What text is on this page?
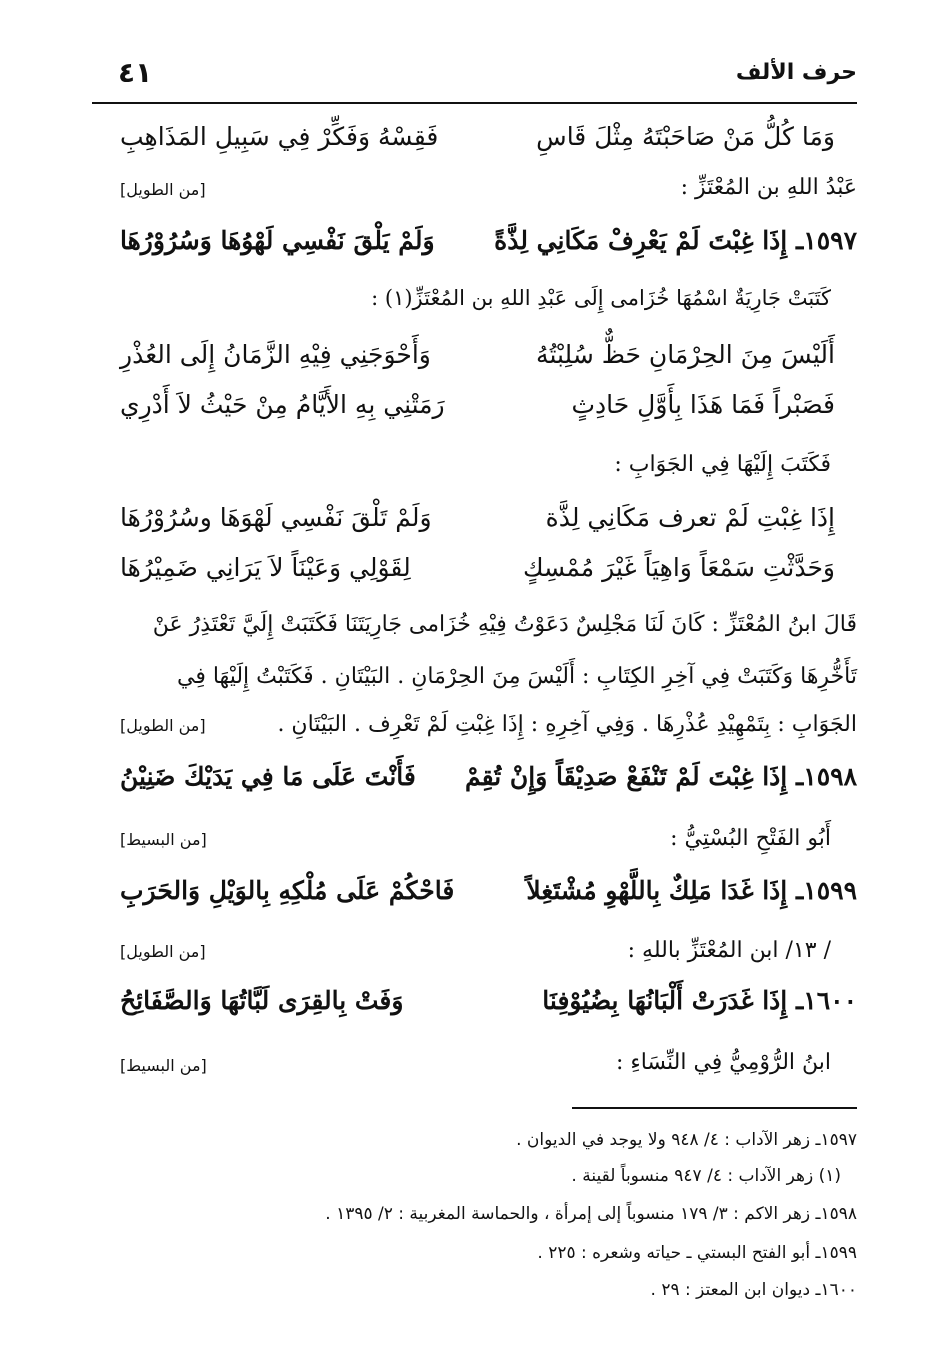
حرف الألف
٤١
وَمَا كُلُّ مَنْ صَاحَبْتَهُ مِثْلَ قَاسِ
فَقِسْهُ وَفَكِّرْ فِي سَبِيلِ المَذَاهِبِ
عَبْدُ اللهِ بن المُعْتَزِّ :
[من الطويل]
١٥٩٧ـ إِذَا غِبْتَ لَمْ يَعْرِفْ مَكَانِي لِذَّةً
وَلَمْ يَلْقَ نَفْسِي لَهْوُهَا وَسُرُوْرُهَا
كَتَبَتْ جَارِيَةٌ اسْمُهَا خُزَامى إِلَى عَبْدِ اللهِ بن المُعْتَزِّ(١) :
أَلَيْسَ مِنَ الحِرْمَانِ حَظٌّ سُلِبْتُهُ
وَأَحْوَجَنِي فِيْهِ الزَّمَانُ إِلَى العُذْرِ
فَصَبْراً فَمَا هَذَا بِأَوَّلِ حَادِثٍ
رَمَتْنِي بِهِ الأَيَّامُ مِنْ حَيْثُ لاَ أَدْرِي
فَكَتَبَ إِلَيْهَا فِي الجَوَابِ :
إِذَا غِبْتِ لَمْ تعرف مَكَانِي لِذَّة
وَلَمْ تَلْقَ نَفْسِي لَهْوَهَا وسُرُوْرُهَا
وَحَدَّثْتِ سَمْعَاً وَاهِيَاً غَيْرَ مُمْسِكٍ
لِقَوْلِي وَعَيْنَاً لاَ يَرَانِي ضَمِيْرُهَا
قَالَ ابنُ المُعْتَزِّ : كَانَ لَنَا مَجْلِسٌ دَعَوْتُ فِيْهِ خُزَامى جَارِيَتَنَا فَكَتَبَتْ إِلَيَّ تَعْتَذِرُ عَنْ
تَأَخُّرِهَا وَكَتَبَتْ فِي آخِرِ الكِتَابِ : أَلَيْسَ مِنَ الحِرْمَانِ . البَيْتَانِ . فَكَتَبْتُ إِلَيْهَا فِي
الجَوَابِ : بِتَمْهِيْدِ عُذْرِهَا . وَفِي آخِرِهِ : إِذَا غِبْتِ لَمْ تَعْرِف . البَيْتَانِ .
[من الطويل]
١٥٩٨ـ إِذَا غِبْتَ لَمْ تَنْفَعْ صَدِيْقَاً وَإِنْ تُقِمْ
فَأَنْتَ عَلَى مَا فِي يَدَيْكَ ضَنِيْنُ
أَبُو الفَتْحِ البُسْتِيُّ :
[من البسيط]
١٥٩٩ـ إِذَا غَدَا مَلِكٌ بِاللَّهْوِ مُشْتَغِلاً
فَاحْكُمْ عَلَى مُلْكِهِ بِالوَيْلِ وَالحَرَبِ
/ ١٣/ ابن المُعْتَزِّ باللهِ :
[من الطويل]
١٦٠٠ـ إِذَا غَدَرَتْ أَلْبَانُهَا بِضُيُوْفِنَا
وَفَتْ بِالقِرَى لَبَّاتُهَا وَالصَّفَائِحُ
ابنُ الرُّوْمِيُّ فِي النِّسَاءِ :
[من البسيط]
١٥٩٧ـ زهر الآداب : ٤/ ٩٤٨ ولا يوجد في الديوان .
(١) زهر الآداب : ٤/ ٩٤٧ منسوباً لقينة .
١٥٩٨ـ زهر الاكم : ٣/ ١٧٩ منسوباً إلى إمرأة ، والحماسة المغربية : ٢/ ١٣٩٥ .
١٥٩٩ـ أبو الفتح البستي ـ حياته وشعره : ٢٢٥ .
١٦٠٠ـ ديوان ابن المعتز : ٢٩ .
